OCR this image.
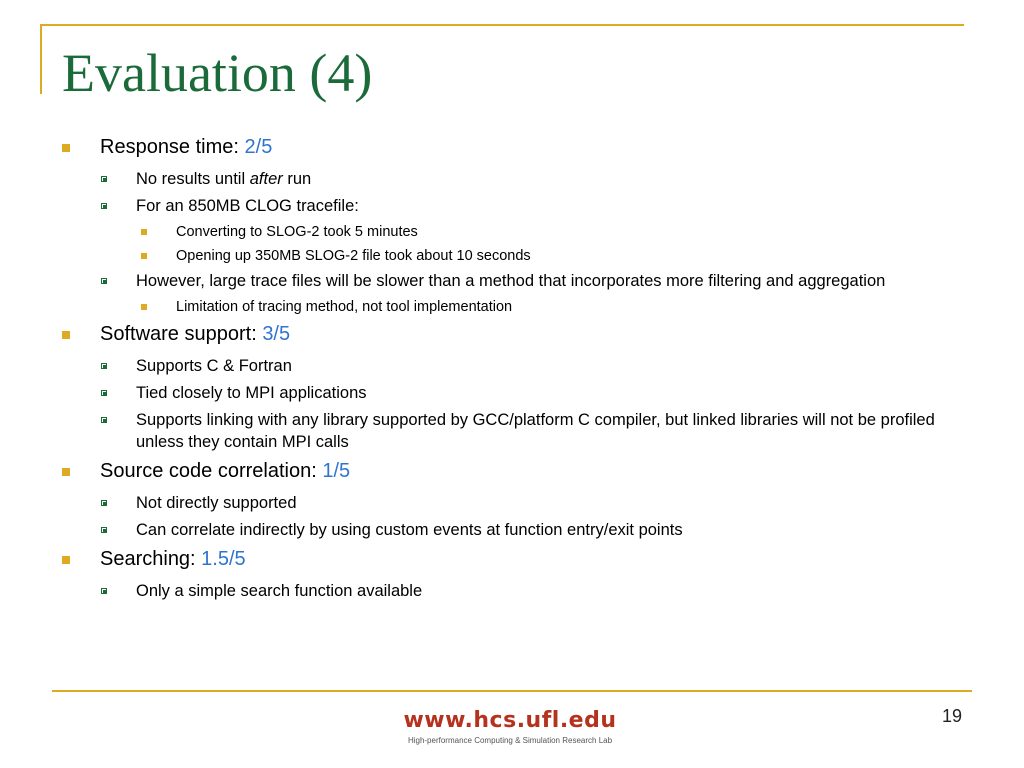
Evaluation (4)
Response time: 2/5
No results until after run
For an 850MB CLOG tracefile:
Converting to SLOG-2 took 5 minutes
Opening up 350MB SLOG-2 file took about 10 seconds
However, large trace files will be slower than a method that incorporates more filtering and aggregation
Limitation of tracing method, not tool implementation
Software support: 3/5
Supports C & Fortran
Tied closely to MPI applications
Supports linking with any library supported by GCC/platform C compiler, but linked libraries will not be profiled unless they contain MPI calls
Source code correlation: 1/5
Not directly supported
Can correlate indirectly by using custom events at function entry/exit points
Searching: 1.5/5
Only a simple search function available
www.hcs.ufl.edu
High-performance Computing & Simulation Research Lab
19
